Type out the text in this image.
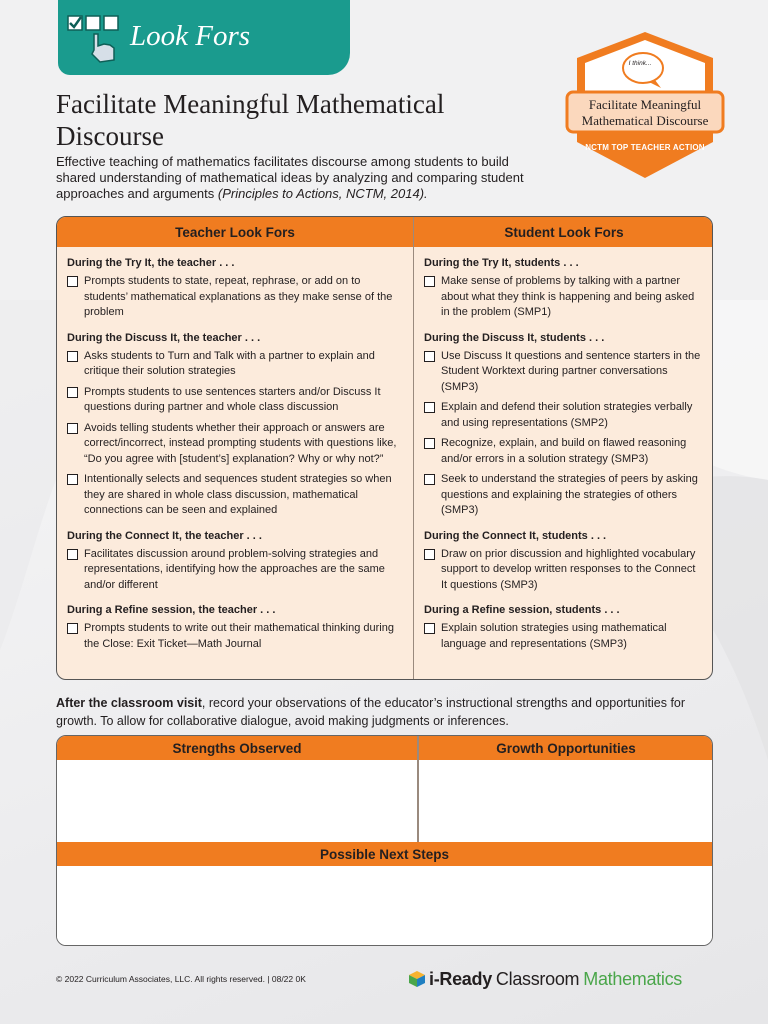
Look Fors
I think...
Facilitate Meaningful Mathematical Discourse
NCTM TOP TEACHER ACTION
Facilitate Meaningful Mathematical Discourse

Effective teaching of mathematics facilitates discourse among students to build shared understanding of mathematical ideas by analyzing and comparing student approaches and arguments (Principles to Actions, NCTM, 2014).

Teacher Look Fors
During the Try It, the teacher . . .
Prompts students to state, repeat, rephrase, or add on to students’ mathematical explanations as they make sense of the problem
During the Discuss It, the teacher . . .
Asks students to Turn and Talk with a partner to explain and critique their solution strategies
Prompts students to use sentences starters and/or Discuss It questions during partner and whole class discussion
Avoids telling students whether their approach or answers are correct/incorrect, instead prompting students with questions like, “Do you agree with [student’s] explanation? Why or why not?”
Intentionally selects and sequences student strategies so when they are shared in whole class discussion, mathematical connections can be seen and explained
During the Connect It, the teacher . . .
Facilitates discussion around problem-solving strategies and representations, identifying how the approaches are the same and/or different
During a Refine session, the teacher . . .
Prompts students to write out their mathematical thinking during the Close: Exit Ticket—Math Journal
Student Look Fors
During the Try It, students . . .
Make sense of problems by talking with a partner about what they think is happening and being asked in the problem (SMP1)
During the Discuss It, students . . .
Use Discuss It questions and sentence starters in the Student Worktext during partner conversations (SMP3)
Explain and defend their solution strategies verbally and using representations (SMP2)
Recognize, explain, and build on flawed reasoning and/or errors in a solution strategy (SMP3)
Seek to understand the strategies of peers by asking questions and explaining the strategies of others (SMP3)
During the Connect It, students . . .
Draw on prior discussion and highlighted vocabulary support to develop written responses to the Connect It questions (SMP3)
During a Refine session, students . . .
Explain solution strategies using mathematical language and representations (SMP3)

After the classroom visit, record your observations of the educator’s instructional strengths and opportunities for growth. To allow for collaborative dialogue, avoid making judgments or inferences.

Strengths Observed	Growth Opportunities
Possible Next Steps
© 2022 Curriculum Associates, LLC. All rights reserved. | 08/22 0K	i-Ready Classroom Mathematics
